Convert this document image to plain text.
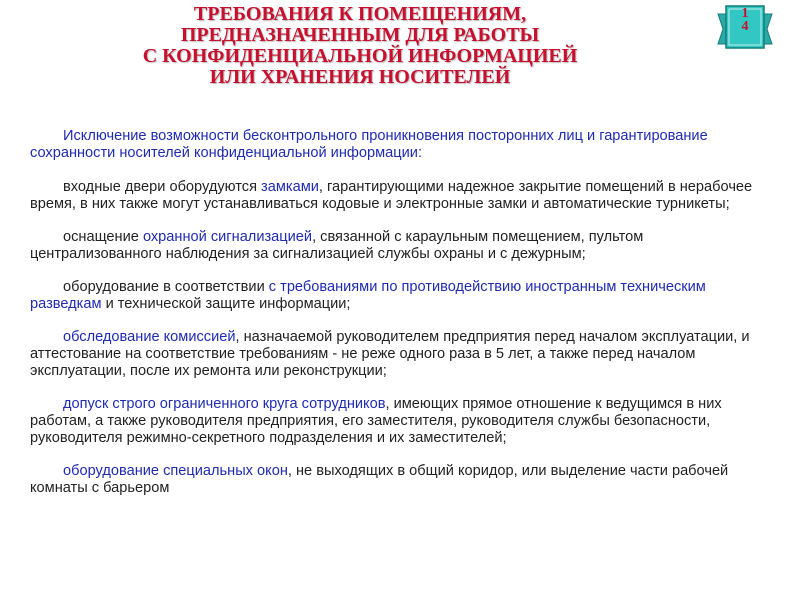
ТРЕБОВАНИЯ К ПОМЕЩЕНИЯМ,
ПРЕДНАЗНАЧЕННЫМ ДЛЯ РАБОТЫ
С КОНФИДЕНЦИАЛЬНОЙ ИНФОРМАЦИЕЙ
ИЛИ ХРАНЕНИЯ НОСИТЕЛЕЙ
1
4

Исключение возможности бесконтрольного проникновения посторонних лиц и гарантирование сохранности носителей конфиденциальной информации:

входные двери оборудуются замками, гарантирующими надежное закрытие помещений в нерабочее время, в них также могут устанавливаться кодовые и электронные замки и автоматические турникеты;

оснащение охранной сигнализацией, связанной с караульным помещением, пультом централизованного наблюдения за сигнализацией службы охраны и с дежурным;

оборудование в соответствии с требованиями по противодействию иностранным техническим разведкам и технической защите информации;

обследование комиссией, назначаемой руководителем предприятия перед началом эксплуатации, и аттестование на соответствие требованиям - не реже одного раза в 5 лет, а также перед началом эксплуатации, после их ремонта или реконструкции;

допуск строго ограниченного круга сотрудников, имеющих прямое отношение к ведущимся в них работам, а также руководителя предприятия, его заместителя, руководителя службы безопасности, руководителя режимно-секретного подразделения и их заместителей;

оборудование специальных окон, не выходящих в общий коридор, или выделение части рабочей комнаты с барьером
